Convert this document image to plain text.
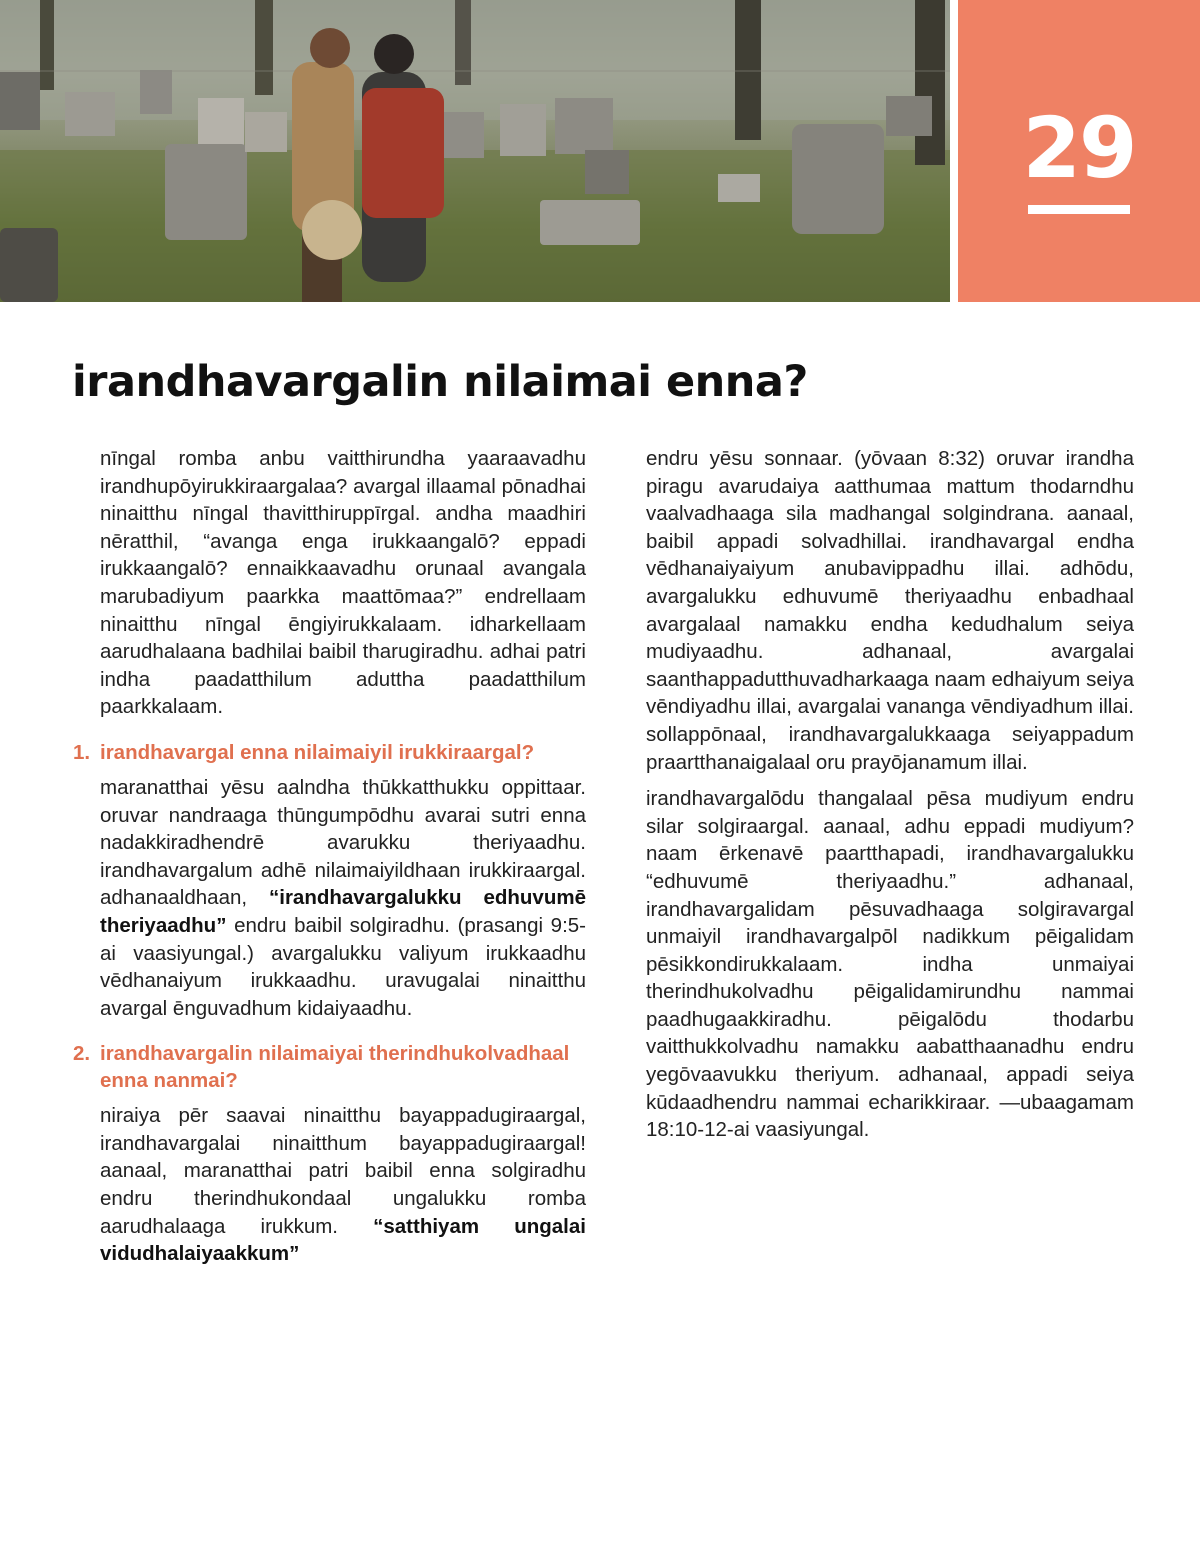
29
irandhavargalin nilaimai enna?

nīngal romba anbu vaitthirundha yaaraavadhu irandhupōyirukkiraargalaa? avargal illaamal pōnadhai ninaitthu nīngal thavitthiruppīrgal. andha maadhiri nēratthil, “avanga enga irukkaangalō? eppadi irukkaangalō? ennaikkaavadhu orunaal avangala marubadiyum paarkka maattōmaa?” endrellaam ninaitthu nīngal ēngiyirukkalaam. idharkellaam aarudhalaana badhilai baibil tharugiradhu. adhai patri indha paadatthilum aduttha paadatthilum paarkkalaam.

1. irandhavargal enna nilaimaiyil irukkiraargal?

maranatthai yēsu aalndha thūkkatthukku oppittaar. oruvar nandraaga thūngumpōdhu avarai sutri enna nadakkiradhendrē avarukku theriyaadhu. irandhavargalum adhē nilaimaiyildhaan irukkiraargal. adhanaaldhaan, “irandhavargalukku edhuvumē theriyaadhu” endru baibil solgiradhu. (prasangi 9:5-ai vaasiyungal.) avargalukku valiyum irukkaadhu vēdhanaiyum irukkaadhu. uravugalai ninaitthu avargal ēnguvadhum kidaiyaadhu.

2. irandhavargalin nilaimaiyai therindhukolvadhaal enna nanmai?

niraiya pēr saavai ninaitthu bayappadugiraargal, irandhavargalai ninaitthum bayappadugiraargal! aanaal, maranatthai patri baibil enna solgiradhu endru therindhukondaal ungalukku romba aarudhalaaga irukkum. “satthiyam ungalai vidudhalaiyaakkum”

endru yēsu sonnaar. (yōvaan 8:32) oruvar irandha piragu avarudaiya aatthumaa mattum thodarndhu vaalvadhaaga sila madhangal solgindrana. aanaal, baibil appadi solvadhillai. irandhavargal endha vēdhanaiyaiyum anubavippadhu illai. adhōdu, avargalukku edhuvumē theriyaadhu enbadhaal avargalaal namakku endha kedudhalum seiya mudiyaadhu. adhanaal, avargalai saanthappadutthuvadharkaaga naam edhaiyum seiya vēndiyadhu illai, avargalai vananga vēndiyadhum illai. sollappōnaal, irandhavargalukkaaga seiyappadum praartthanaigalaal oru prayōjanamum illai.

irandhavargalōdu thangalaal pēsa mudiyum endru silar solgiraargal. aanaal, adhu eppadi mudiyum? naam ērkenavē paartthapadi, irandhavargalukku “edhuvumē theriyaadhu.” adhanaal, irandhavargalidam pēsuvadhaaga solgiravargal unmaiyil irandhavargalpōl nadikkum pēigalidam pēsikkondirukkalaam. indha unmaiyai therindhukolvadhu pēigalidamirundhu nammai paadhugaakkiradhu. pēigalōdu thodarbu vaitthukkolvadhu namakku aabatthaanadhu endru yegōvaavukku theriyum. adhanaal, appadi seiya kūdaadhendru nammai echarikkiraar. —ubaagamam 18:10-12-ai vaasiyungal.
